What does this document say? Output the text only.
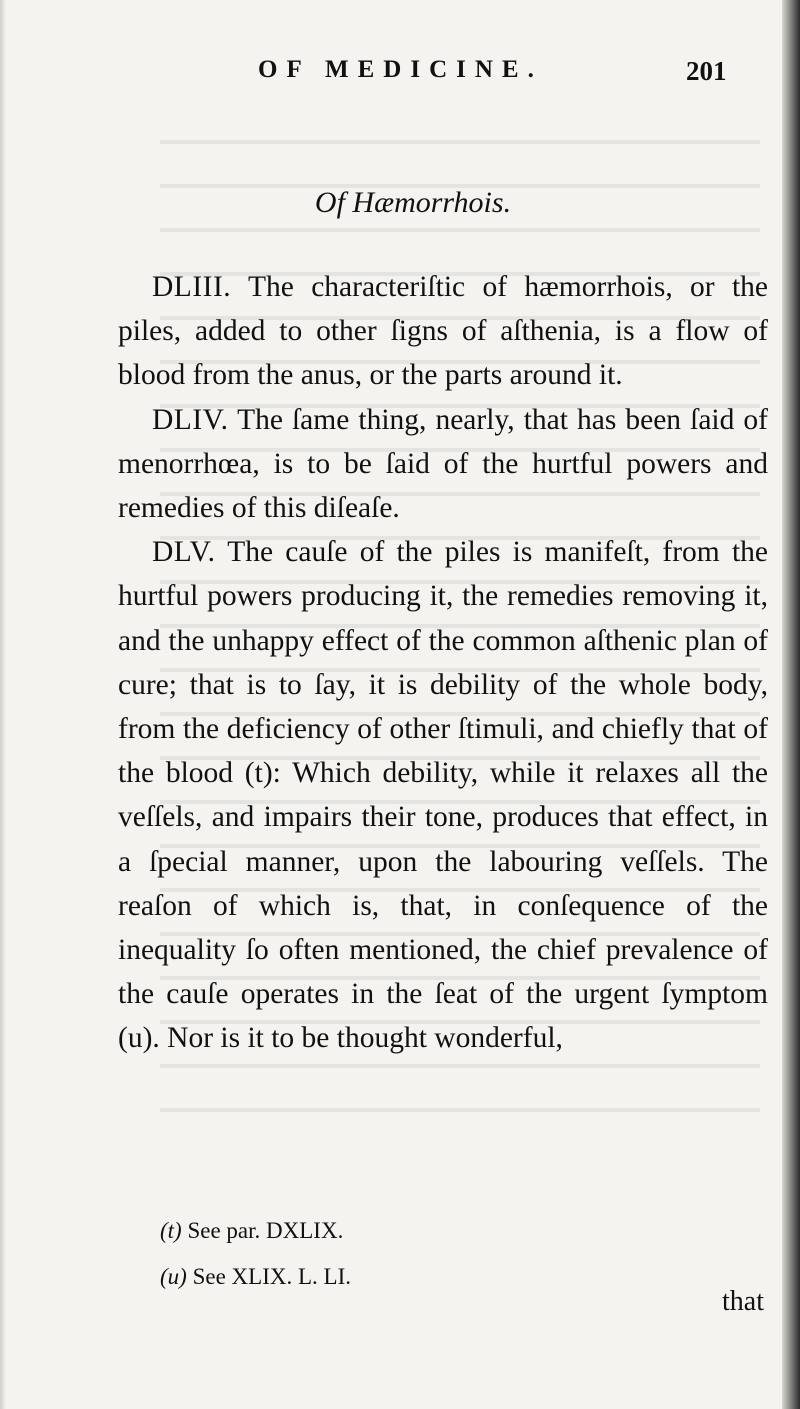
OF MEDICINE.	201
Of Hæmorrhois.

DLIII. The characteriſtic of hæmorrhois, or the piles, added to other ſigns of aſthenia, is a flow of blood from the anus, or the parts around it.

DLIV. The ſame thing, nearly, that has been ſaid of menorrhœa, is to be ſaid of the hurtful powers and remedies of this diſeaſe.

DLV. The cauſe of the piles is manifeſt, from the hurtful powers producing it, the remedies removing it, and the unhappy effect of the common aſthenic plan of cure; that is to ſay, it is debility of the whole body, from the deficiency of other ſtimuli, and chiefly that of the blood (t): Which debility, while it relaxes all the veſſels, and impairs their tone, produces that effect, in a ſpecial manner, upon the labouring veſſels. The reaſon of which is, that, in conſequence of the inequality ſo often mentioned, the chief prevalence of the cauſe operates in the ſeat of the urgent ſymptom (u). Nor is it to be thought wonderful,

(t) See par. DXLIX.
(u) See XLIX. L. LI.
that
